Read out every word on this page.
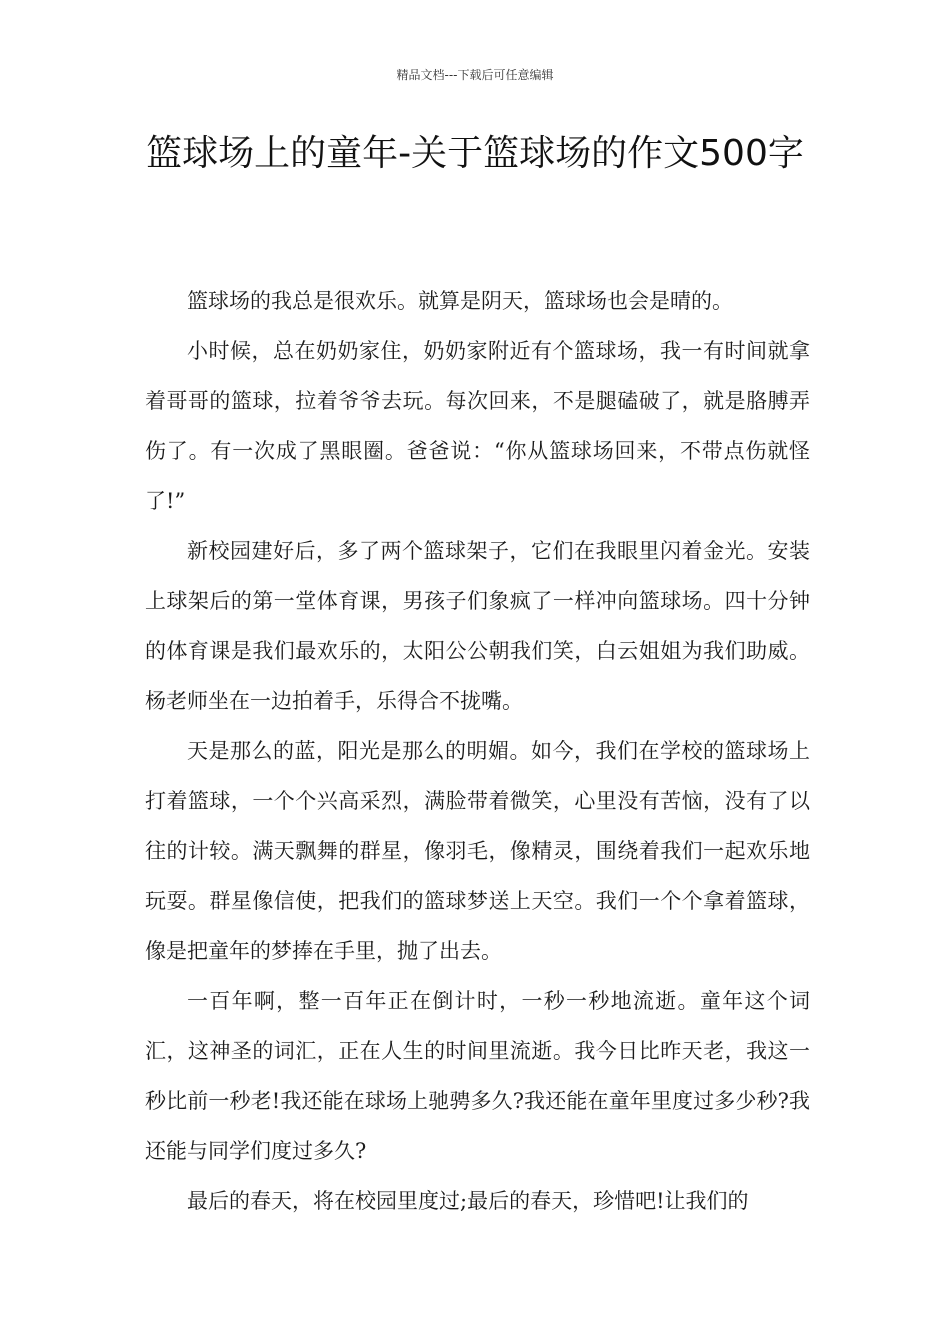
精品文档---下载后可任意编辑
篮球场上的童年-关于篮球场的作文500字

篮球场的我总是很欢乐。就算是阴天，篮球场也会是晴的。

小时候，总在奶奶家住，奶奶家附近有个篮球场，我一有时间就拿着哥哥的篮球，拉着爷爷去玩。每次回来，不是腿磕破了，就是胳膊弄伤了。有一次成了黑眼圈。爸爸说：“你从篮球场回来，不带点伤就怪了!”

新校园建好后，多了两个篮球架子，它们在我眼里闪着金光。安装上球架后的第一堂体育课，男孩子们象疯了一样冲向篮球场。四十分钟的体育课是我们最欢乐的，太阳公公朝我们笑，白云姐姐为我们助威。杨老师坐在一边拍着手，乐得合不拢嘴。

天是那么的蓝，阳光是那么的明媚。如今，我们在学校的篮球场上打着篮球，一个个兴高采烈，满脸带着微笑，心里没有苦恼，没有了以往的计较。满天飘舞的群星，像羽毛，像精灵，围绕着我们一起欢乐地玩耍。群星像信使，把我们的篮球梦送上天空。我们一个个拿着篮球，像是把童年的梦捧在手里，抛了出去。

一百年啊，整一百年正在倒计时，一秒一秒地流逝。童年这个词汇，这神圣的词汇，正在人生的时间里流逝。我今日比昨天老，我这一秒比前一秒老!我还能在球场上驰骋多久?我还能在童年里度过多少秒?我还能与同学们度过多久?

最后的春天，将在校园里度过;最后的春天，珍惜吧!让我们的
